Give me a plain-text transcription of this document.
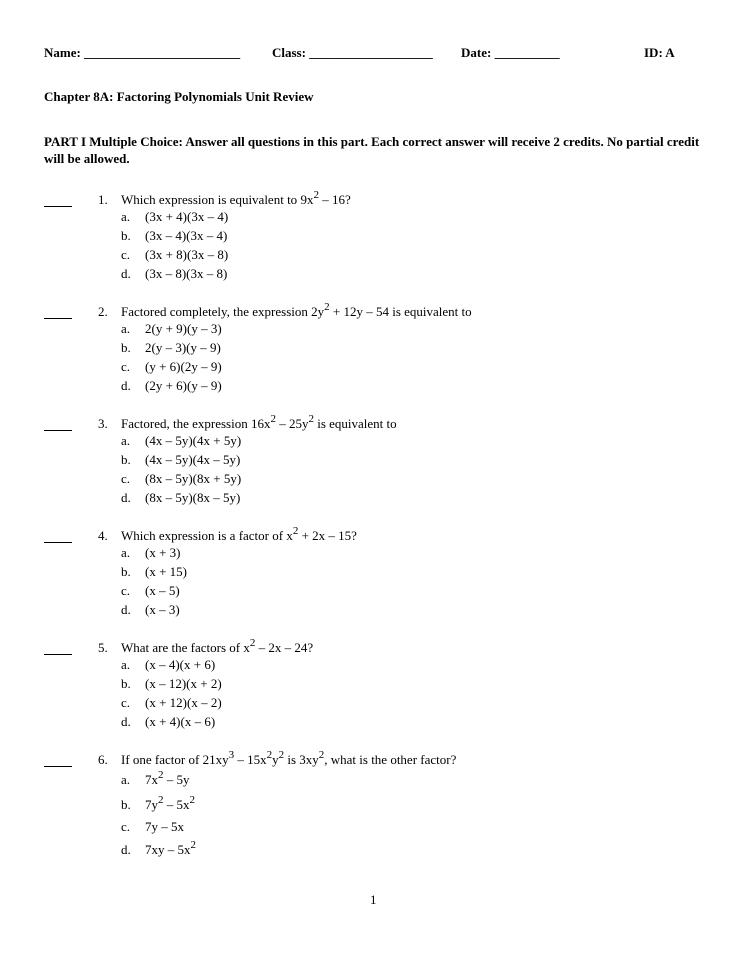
Name: ________________________ Class: ___________________ Date: __________	ID: A
Chapter 8A: Factoring Polynomials Unit Review
PART I Multiple Choice: Answer all questions in this part. Each correct answer will receive 2 credits. No partial credit will be allowed.
1. Which expression is equivalent to $9x^2 - 16$?
a. (3x + 4)(3x – 4)
b. (3x – 4)(3x – 4)
c. (3x + 8)(3x – 8)
d. (3x – 8)(3x – 8)
2. Factored completely, the expression $2y^2 + 12y - 54$ is equivalent to
a. 2(y + 9)(y – 3)
b. 2(y – 3)(y – 9)
c. (y + 6)(2y – 9)
d. (2y + 6)(y – 9)
3. Factored, the expression $16x^2 - 25y^2$ is equivalent to
a. (4x – 5y)(4x + 5y)
b. (4x – 5y)(4x – 5y)
c. (8x – 5y)(8x + 5y)
d. (8x – 5y)(8x – 5y)
4. Which expression is a factor of $x^2 + 2x - 15$?
a. (x + 3)
b. (x + 15)
c. (x – 5)
d. (x – 3)
5. What are the factors of $x^2 - 2x - 24$?
a. (x – 4)(x + 6)
b. (x – 12)(x + 2)
c. (x + 12)(x – 2)
d. (x + 4)(x – 6)
6. If one factor of $21xy^3 - 15x^2y^2$ is $3xy^2$, what is the other factor?
a. $7x^2 - 5y$
b. $7y^2 - 5x^2$
c. 7y – 5x
d. $7xy - 5x^2$
1
